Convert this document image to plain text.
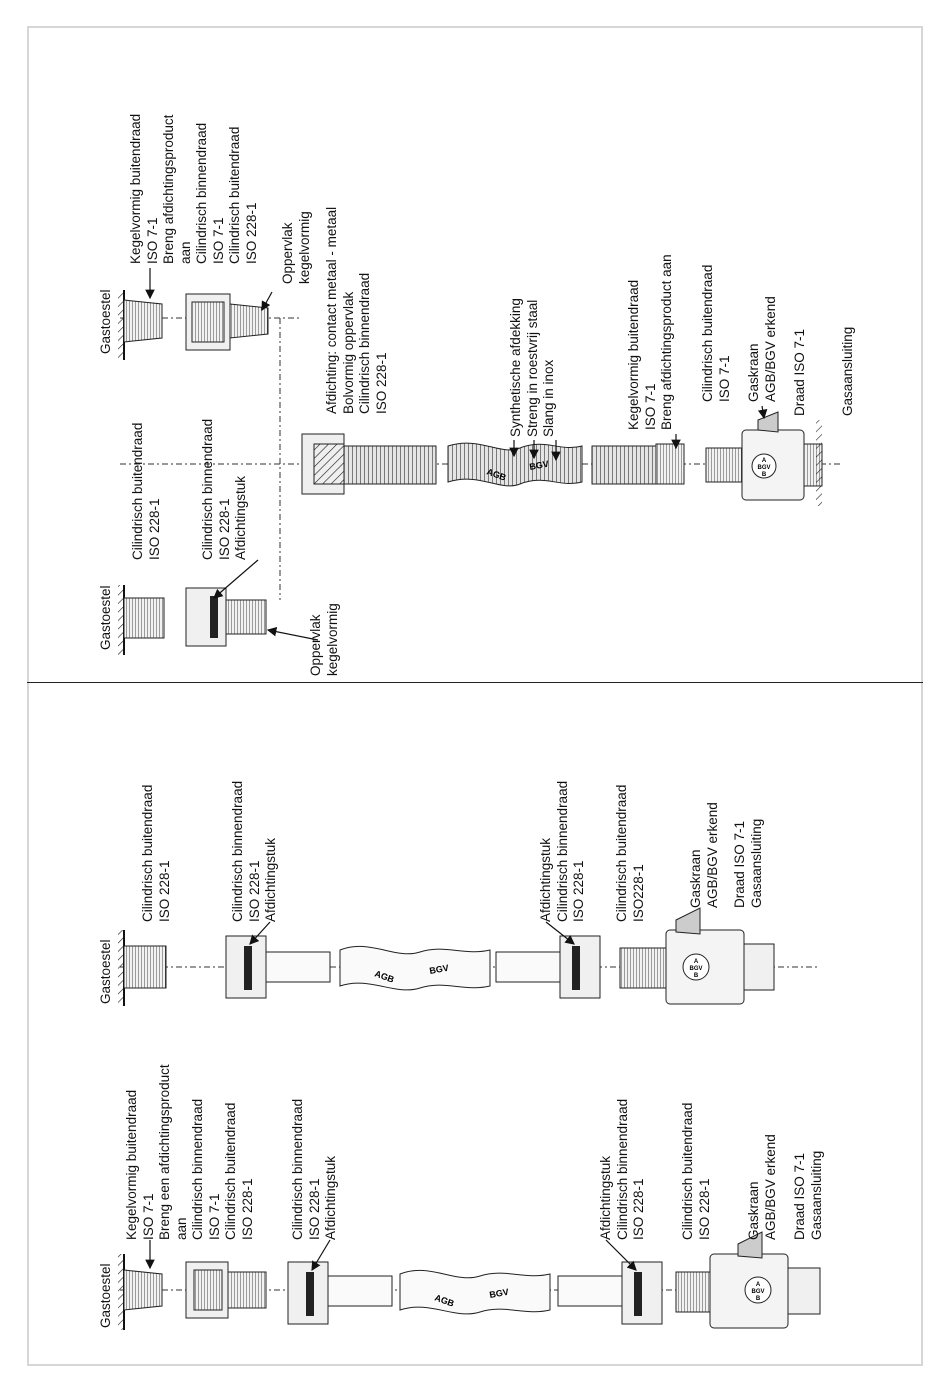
AGB
BGV
AGB	BGV
AGB	BGV
A
BGV
B
A
BGV
B
A
BGV
B
Gastoestel
Kegelvormig buitendraad
ISO 7-1
Breng afdichtingsproduct
aan
Cilindrisch binnendraad
ISO 7-1
Cilindrisch buitendraad
ISO 228-1
Oppervlak
kegelvormig
Afdichting: contact metaal - metaal
Bolvormig oppervlak
Cilindrisch binnendraad
ISO 228-1	Synthetische afdekking
Streng in roestvrij staal
Slang in inox	Kegelvormig buitendraad
ISO 7-1
Breng afdichtingsproduct aan
Cilindrisch buitendraad
ISO 7-1 Gaskraan
AGB/BGV erkend
Draad ISO 7-1 Gasaansluiting
Gastoestel
Cilindrisch buitendraad
ISO 228-1	Cilindrisch binnendraad
ISO 228-1
Afdichtingstuk
Oppervlak
kegelvormig
Gastoestel
Cilindrisch buitendraad
ISO 228-1	Cilindrisch binnendraad
ISO 228-1
Afdichtingstuk	Afdichtingstuk
Cilindrisch binnendraad
ISO 228-1 Cilindrisch buitendraad
ISO228-1	Gaskraan
AGB/BGV erkend
Draad ISO 7-1
Gasaansluiting
Gastoestel
Kegelvormig buitendraad
ISO 7-1
Breng een afdichtingsproduct
aan
Cilindrisch binnendraad
ISO 7-1
Cilindrisch buitendraad
ISO 228-1	Cilindrisch binnendraad
ISO 228-1
Afdichtingstuk	Afdichtingstuk
Cilindrisch binnendraad
ISO 228-1	Cilindrisch buitendraad
ISO 228-1	Gaskraan
AGB/BGV erkend
Draad ISO 7-1
Gasaansluiting
